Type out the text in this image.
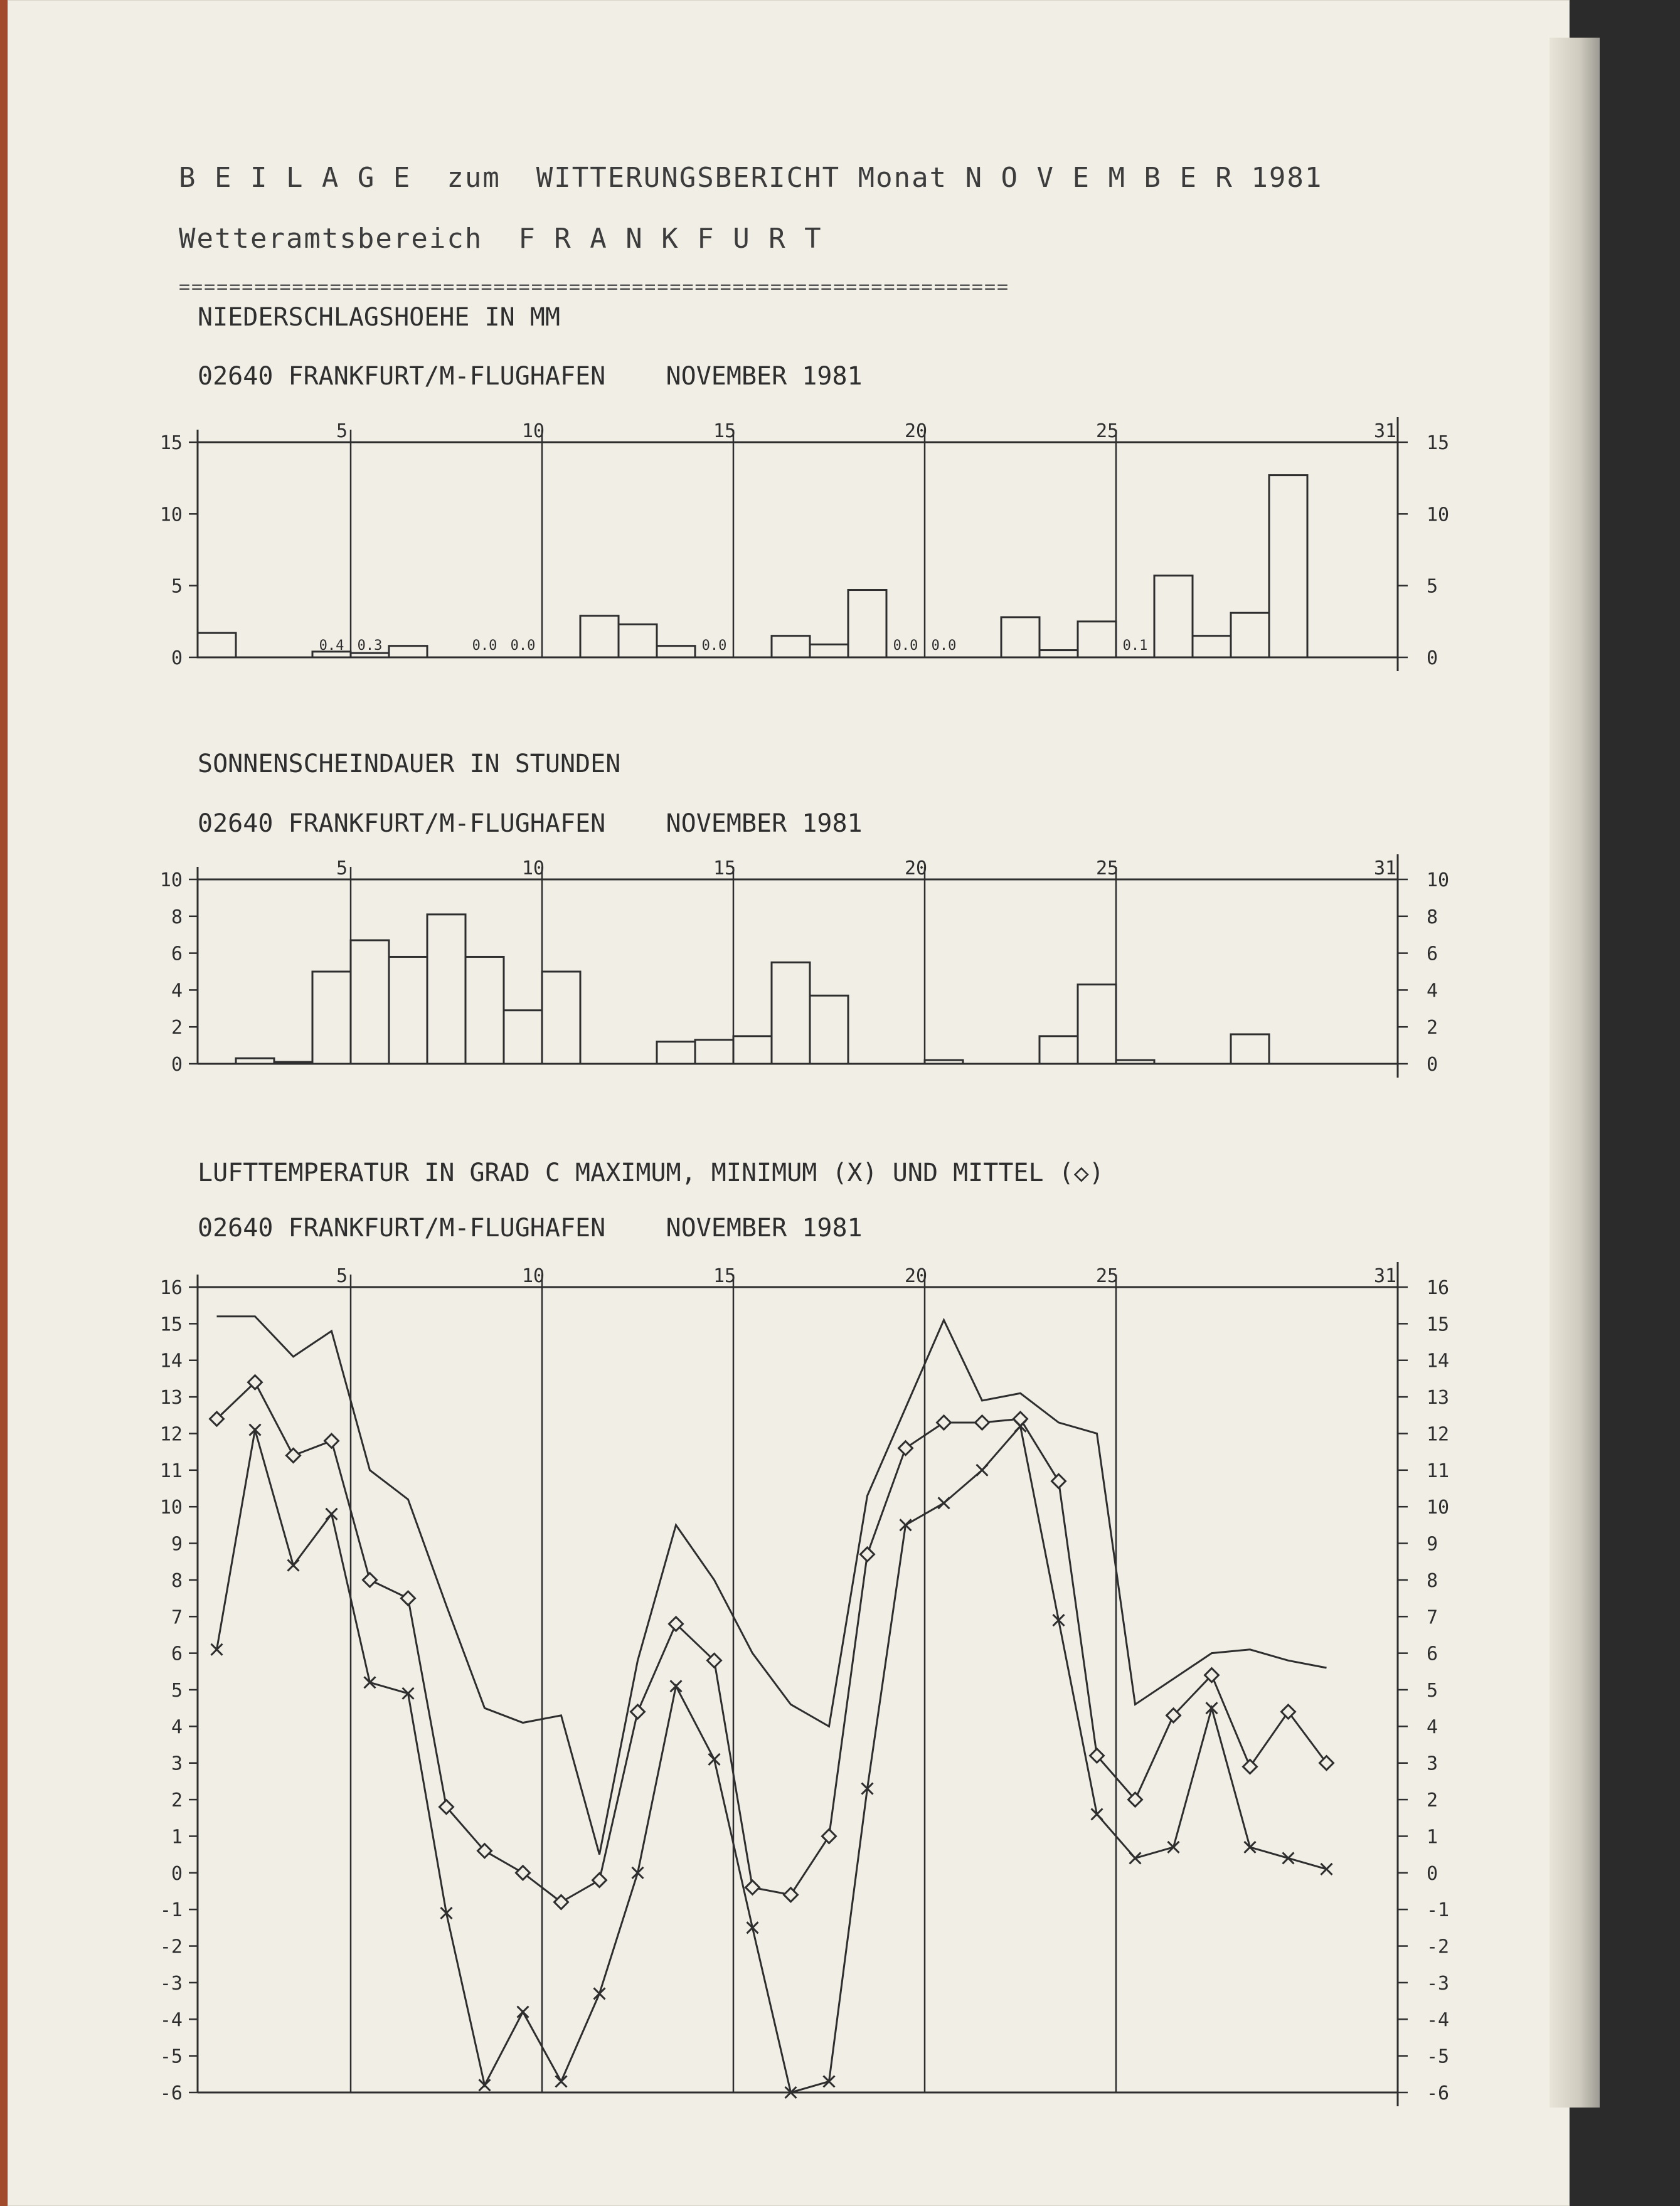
B E I L A G E  zum  WITTERUNGSBERICHT Monat N O V E M B E R 1981
Wetteramtsbereich  F R A N K F U R T
==================================================================
NIEDERSCHLAGSHOEHE IN MM
02640 FRANKFURT/M-FLUGHAFEN    NOVEMBER 1981
SONNENSCHEINDAUER IN STUNDEN
02640 FRANKFURT/M-FLUGHAFEN    NOVEMBER 1981
LUFTTEMPERATUR IN GRAD C MAXIMUM, MINIMUM (X) UND MITTEL (◇)
02640 FRANKFURT/M-FLUGHAFEN    NOVEMBER 1981
5	10	15	20	25	31
15	15
10	10
5	5
0	0
0.4 0.3	0.0 0.0	0.0	0.0 0.0	0.1
5	10	15	20	25	31
10	10
8	8
6	6
4	4
2	2
0	0
5	10	15	20	25	31
16	16
15	15
14	14
13	13
12	12
11	11
10	10
9	9
8	8
7	7
6	6
5	5
4	4
3	3
2	2
1	1
0	0
-1	-1
-2	-2
-3	-3
-4	-4
-5	-5
-6	-6
